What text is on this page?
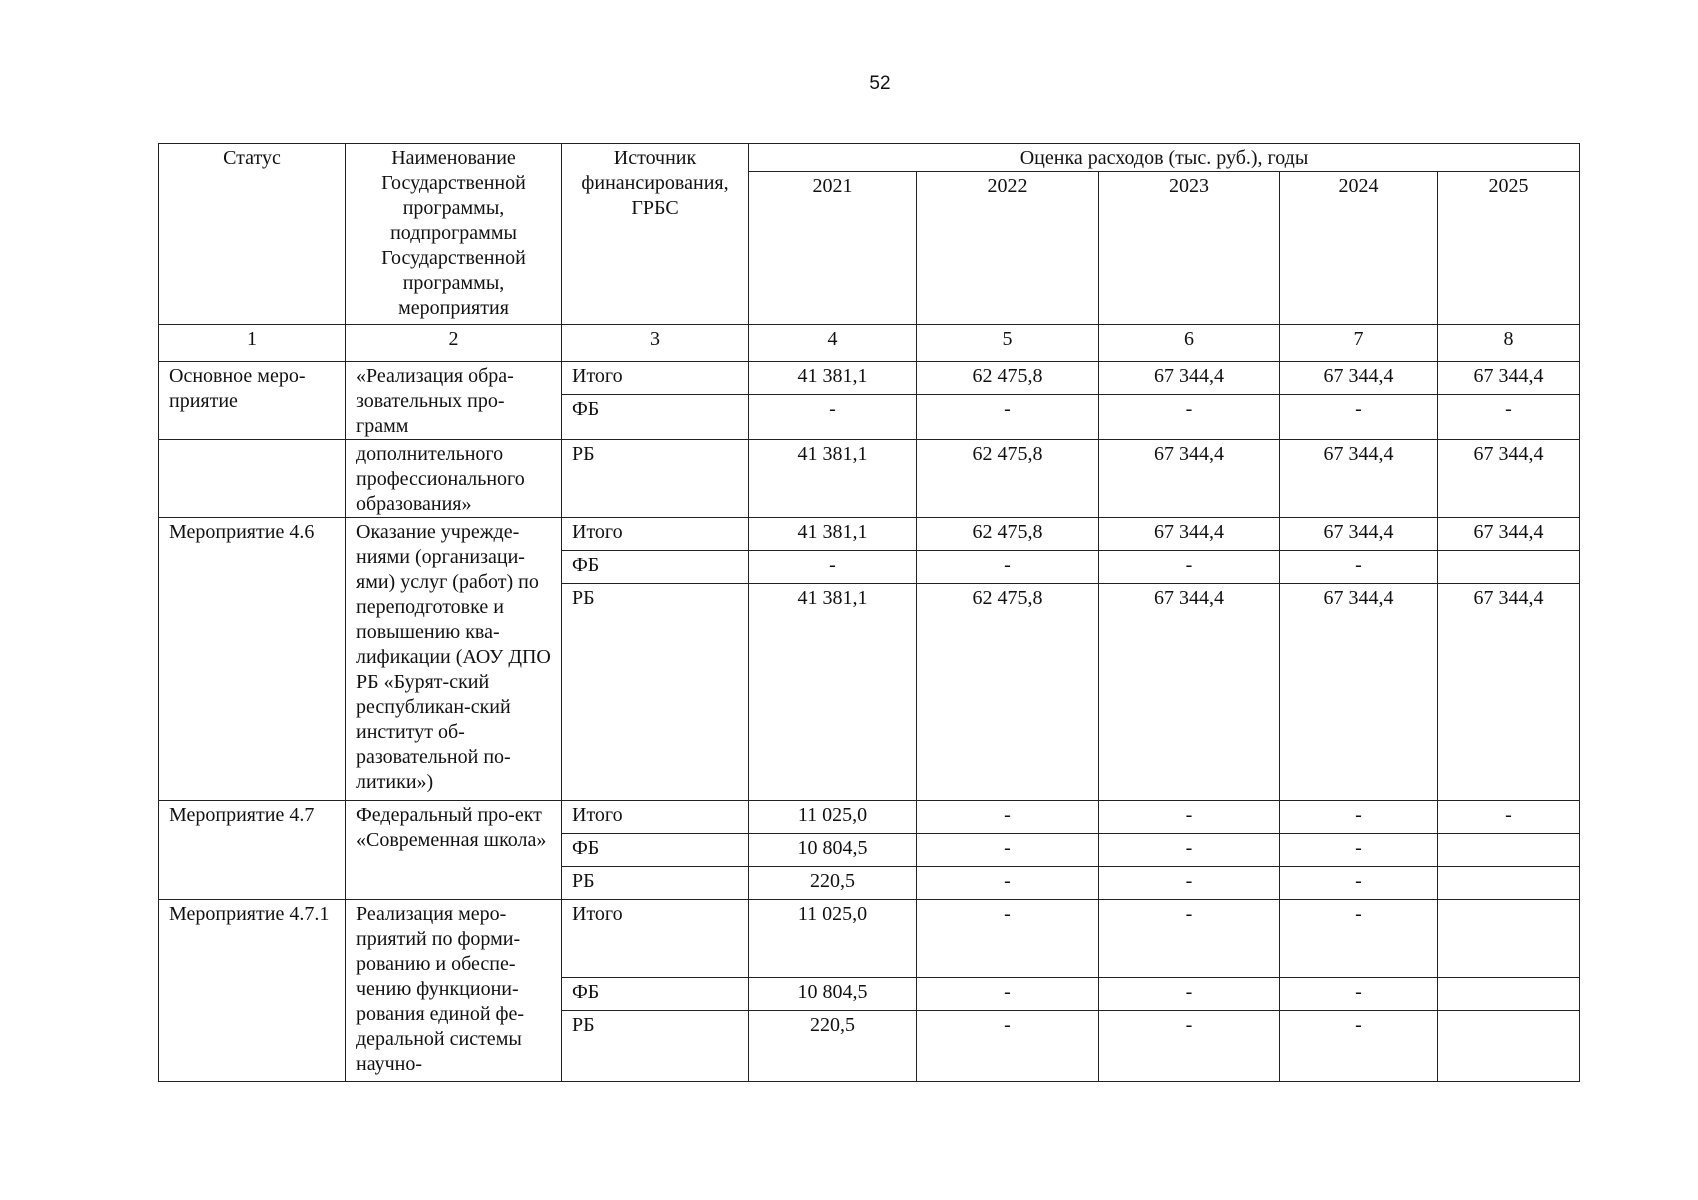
52
Статус	Наименование Государственной программы, подпрограммы Государственной программы, мероприятия	Источник финансирования, ГРБС	Оценка расходов (тыс. руб.), годы				
			2021	2022	2023	2024	2025
1	2	3	4	5	6	7	8
Основное меро-приятие	«Реализация обра-зовательных про-грамм	Итого	41 381,1	62 475,8	67 344,4	67 344,4	67 344,4
		ФБ	-	-	-	-	-
	дополнительного профессионального образования»	РБ	41 381,1	62 475,8	67 344,4	67 344,4	67 344,4
Мероприятие 4.6	Оказание учрежде-ниями (организаци-ями) услуг (работ) по переподготовке и повышению ква-лификации (АОУ ДПО РБ «Бурят-ский республикан-ский институт об-разовательной по-литики»)	Итого	41 381,1	62 475,8	67 344,4	67 344,4	67 344,4
		ФБ	-	-	-	-	
		РБ	41 381,1	62 475,8	67 344,4	67 344,4	67 344,4
Мероприятие 4.7	Федеральный про-ект «Современная школа»	Итого	11 025,0	-	-	-	-
		ФБ	10 804,5	-	-	-	
		РБ	220,5	-	-	-	
Мероприятие 4.7.1	Реализация меро-приятий по форми-рованию и обеспе-чению функциони-рования единой фе-деральной системы научно-	Итого	11 025,0	-	-	-	
		ФБ	10 804,5	-	-	-	
		РБ	220,5	-	-	-	
